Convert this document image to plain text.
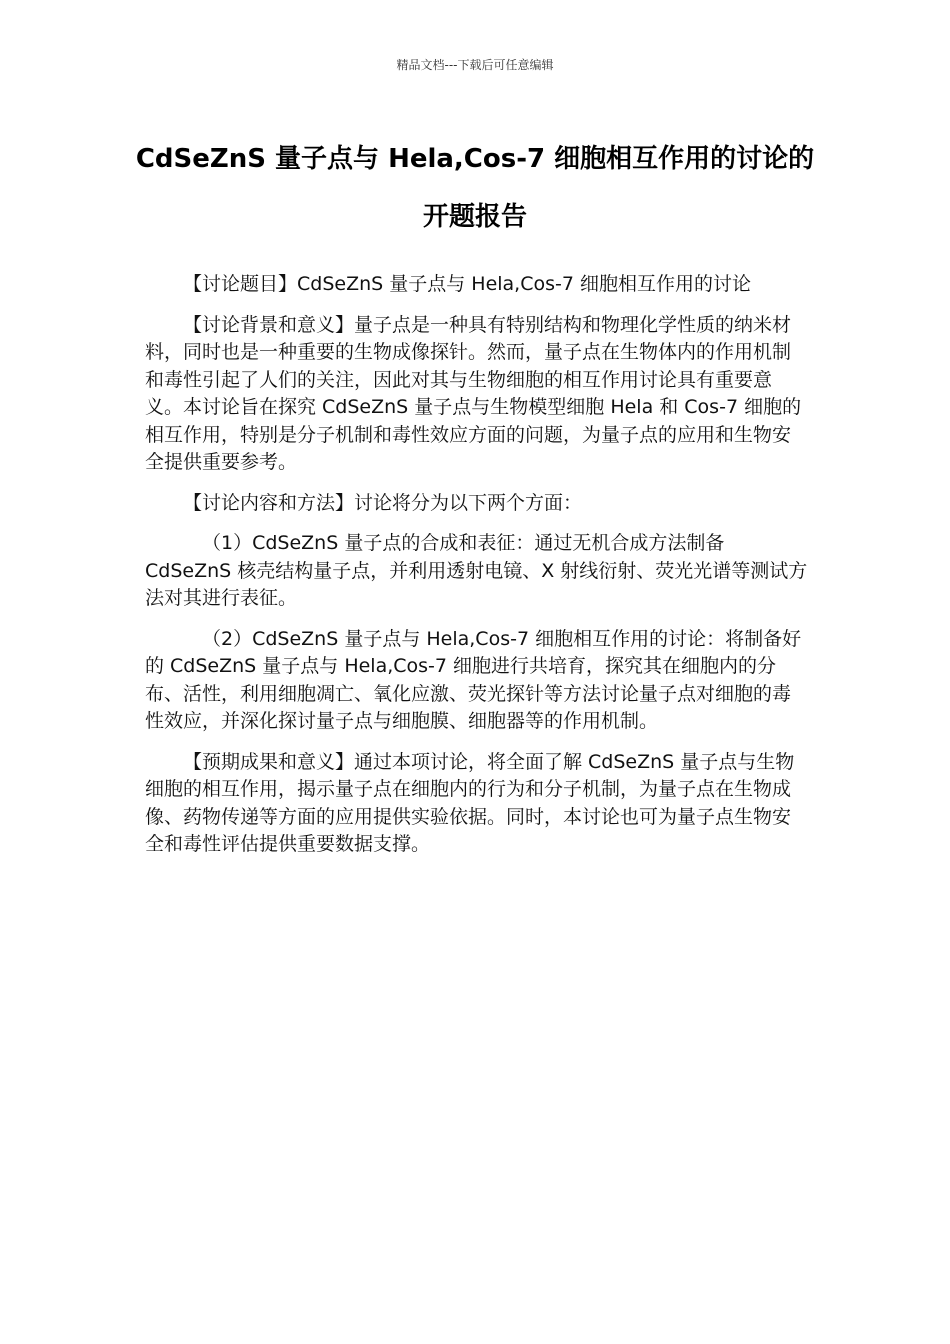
精品文档---下载后可任意编辑
CdSeZnS 量子点与 Hela,Cos-7 细胞相互作用的讨论的开题报告

【讨论题目】CdSeZnS 量子点与 Hela,Cos-7 细胞相互作用的讨论

【讨论背景和意义】量子点是一种具有特别结构和物理化学性质的纳米材料，同时也是一种重要的生物成像探针。然而，量子点在生物体内的作用机制和毒性引起了人们的关注，因此对其与生物细胞的相互作用讨论具有重要意义。本讨论旨在探究 CdSeZnS 量子点与生物模型细胞 Hela 和 Cos-7 细胞的相互作用，特别是分子机制和毒性效应方面的问题，为量子点的应用和生物安全提供重要参考。

【讨论内容和方法】讨论将分为以下两个方面：

（1）CdSeZnS 量子点的合成和表征：通过无机合成方法制备 CdSeZnS 核壳结构量子点，并利用透射电镜、X 射线衍射、荧光光谱等测试方法对其进行表征。

（2）CdSeZnS 量子点与 Hela,Cos-7 细胞相互作用的讨论：将制备好的 CdSeZnS 量子点与 Hela,Cos-7 细胞进行共培育，探究其在细胞内的分布、活性，利用细胞凋亡、氧化应激、荧光探针等方法讨论量子点对细胞的毒性效应，并深化探讨量子点与细胞膜、细胞器等的作用机制。

【预期成果和意义】通过本项讨论，将全面了解 CdSeZnS 量子点与生物细胞的相互作用，揭示量子点在细胞内的行为和分子机制，为量子点在生物成像、药物传递等方面的应用提供实验依据。同时，本讨论也可为量子点生物安全和毒性评估提供重要数据支撑。
